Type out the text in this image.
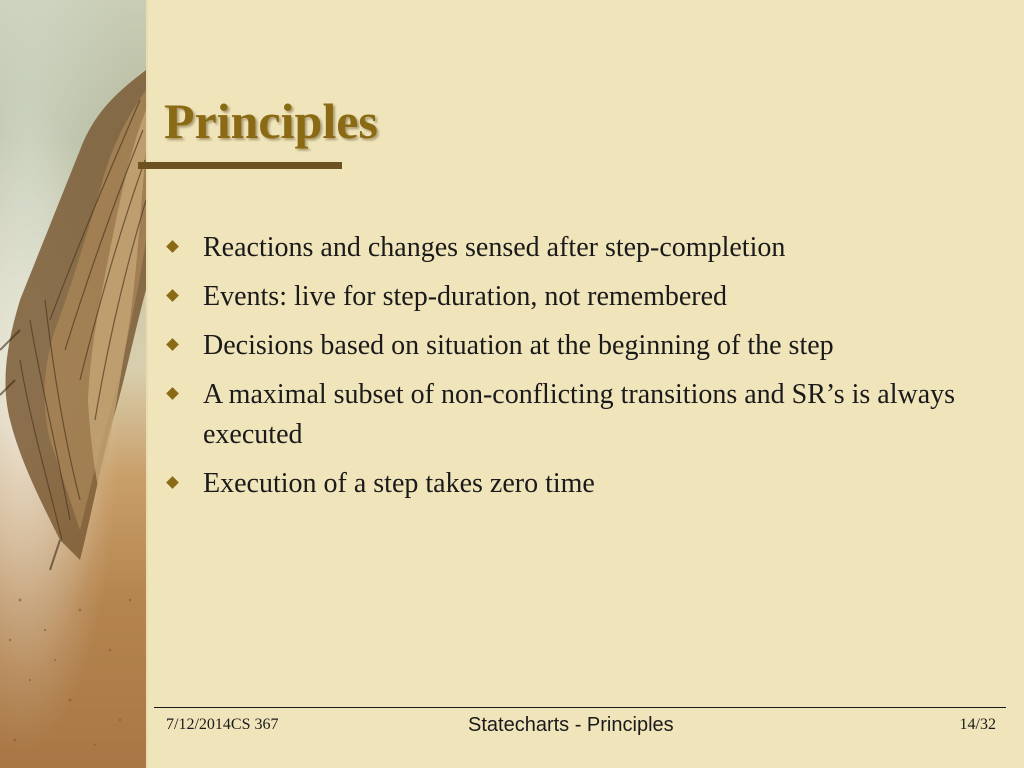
Principles
Reactions and changes sensed after step-completion
Events: live for step-duration, not remembered
Decisions based on situation at the beginning of the step
A maximal subset of non-conflicting transitions and SR’s is always executed
Execution of a step takes zero time
7/12/2014CS 367	Statecharts - Principles	14/32
